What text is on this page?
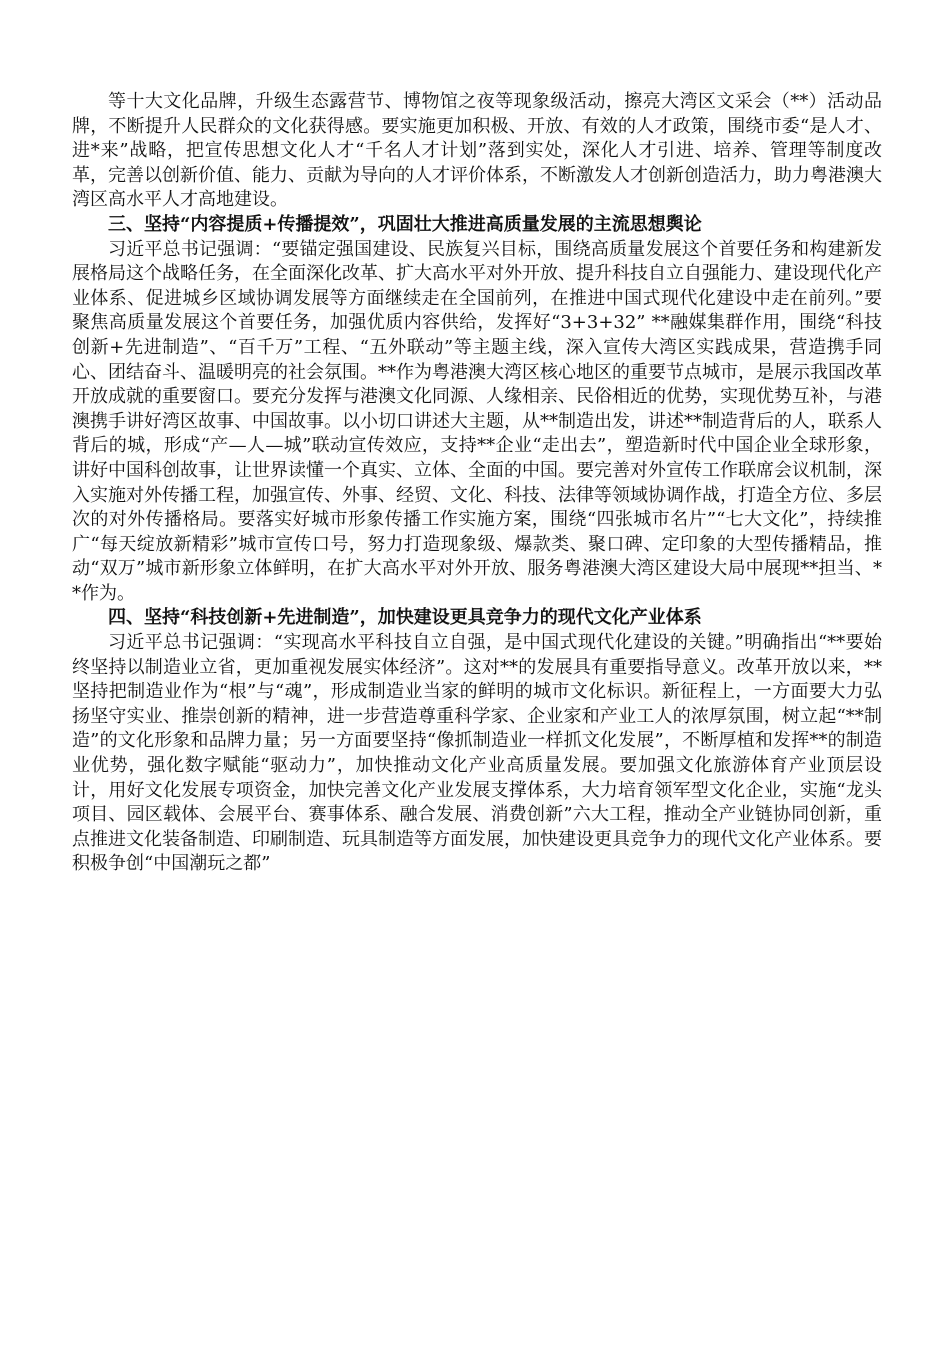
等十大文化品牌，升级生态露营节、博物馆之夜等现象级活动，擦亮大湾区文采会（**）活动品牌，不断提升人民群众的文化获得感。要实施更加积极、开放、有效的人才政策，围绕市委“是人才、进*来”战略，把宣传思想文化人才“千名人才计划”落到实处，深化人才引进、培养、管理等制度改革，完善以创新价值、能力、贡献为导向的人才评价体系，不断激发人才创新创造活力，助力粤港澳大湾区高水平人才高地建设。

三、坚持“内容提质+传播提效”，巩固壮大推进高质量发展的主流思想舆论

习近平总书记强调：“要锚定强国建设、民族复兴目标，围绕高质量发展这个首要任务和构建新发展格局这个战略任务，在全面深化改革、扩大高水平对外开放、提升科技自立自强能力、建设现代化产业体系、促进城乡区域协调发展等方面继续走在全国前列，在推进中国式现代化建设中走在前列。”要聚焦高质量发展这个首要任务，加强优质内容供给，发挥好“3+3+32” **融媒集群作用，围绕“科技创新+先进制造”、“百千万”工程、“五外联动”等主题主线，深入宣传大湾区实践成果，营造携手同心、团结奋斗、温暖明亮的社会氛围。**作为粤港澳大湾区核心地区的重要节点城市，是展示我国改革开放成就的重要窗口。要充分发挥与港澳文化同源、人缘相亲、民俗相近的优势，实现优势互补，与港澳携手讲好湾区故事、中国故事。以小切口讲述大主题，从**制造出发，讲述**制造背后的人，联系人背后的城，形成“产—人—城”联动宣传效应，支持**企业“走出去”，塑造新时代中国企业全球形象，讲好中国科创故事，让世界读懂一个真实、立体、全面的中国。要完善对外宣传工作联席会议机制，深入实施对外传播工程，加强宣传、外事、经贸、文化、科技、法律等领域协调作战，打造全方位、多层次的对外传播格局。要落实好城市形象传播工作实施方案，围绕“四张城市名片”“七大文化”，持续推广“每天绽放新精彩”城市宣传口号，努力打造现象级、爆款类、聚口碑、定印象的大型传播精品，推动“双万”城市新形象立体鲜明，在扩大高水平对外开放、服务粤港澳大湾区建设大局中展现**担当、**作为。

四、坚持“科技创新+先进制造”，加快建设更具竞争力的现代文化产业体系

习近平总书记强调：“实现高水平科技自立自强，是中国式现代化建设的关键。”明确指出“**要始终坚持以制造业立省，更加重视发展实体经济”。这对**的发展具有重要指导意义。改革开放以来，**坚持把制造业作为“根”与“魂”，形成制造业当家的鲜明的城市文化标识。新征程上，一方面要大力弘扬坚守实业、推崇创新的精神，进一步营造尊重科学家、企业家和产业工人的浓厚氛围，树立起“**制造”的文化形象和品牌力量；另一方面要坚持“像抓制造业一样抓文化发展”，不断厚植和发挥**的制造业优势，强化数字赋能“驱动力”，加快推动文化产业高质量发展。要加强文化旅游体育产业顶层设计，用好文化发展专项资金，加快完善文化产业发展支撑体系，大力培育领军型文化企业，实施“龙头项目、园区载体、会展平台、赛事体系、融合发展、消费创新”六大工程，推动全产业链协同创新，重点推进文化装备制造、印刷制造、玩具制造等方面发展，加快建设更具竞争力的现代文化产业体系。要积极争创“中国潮玩之都”
